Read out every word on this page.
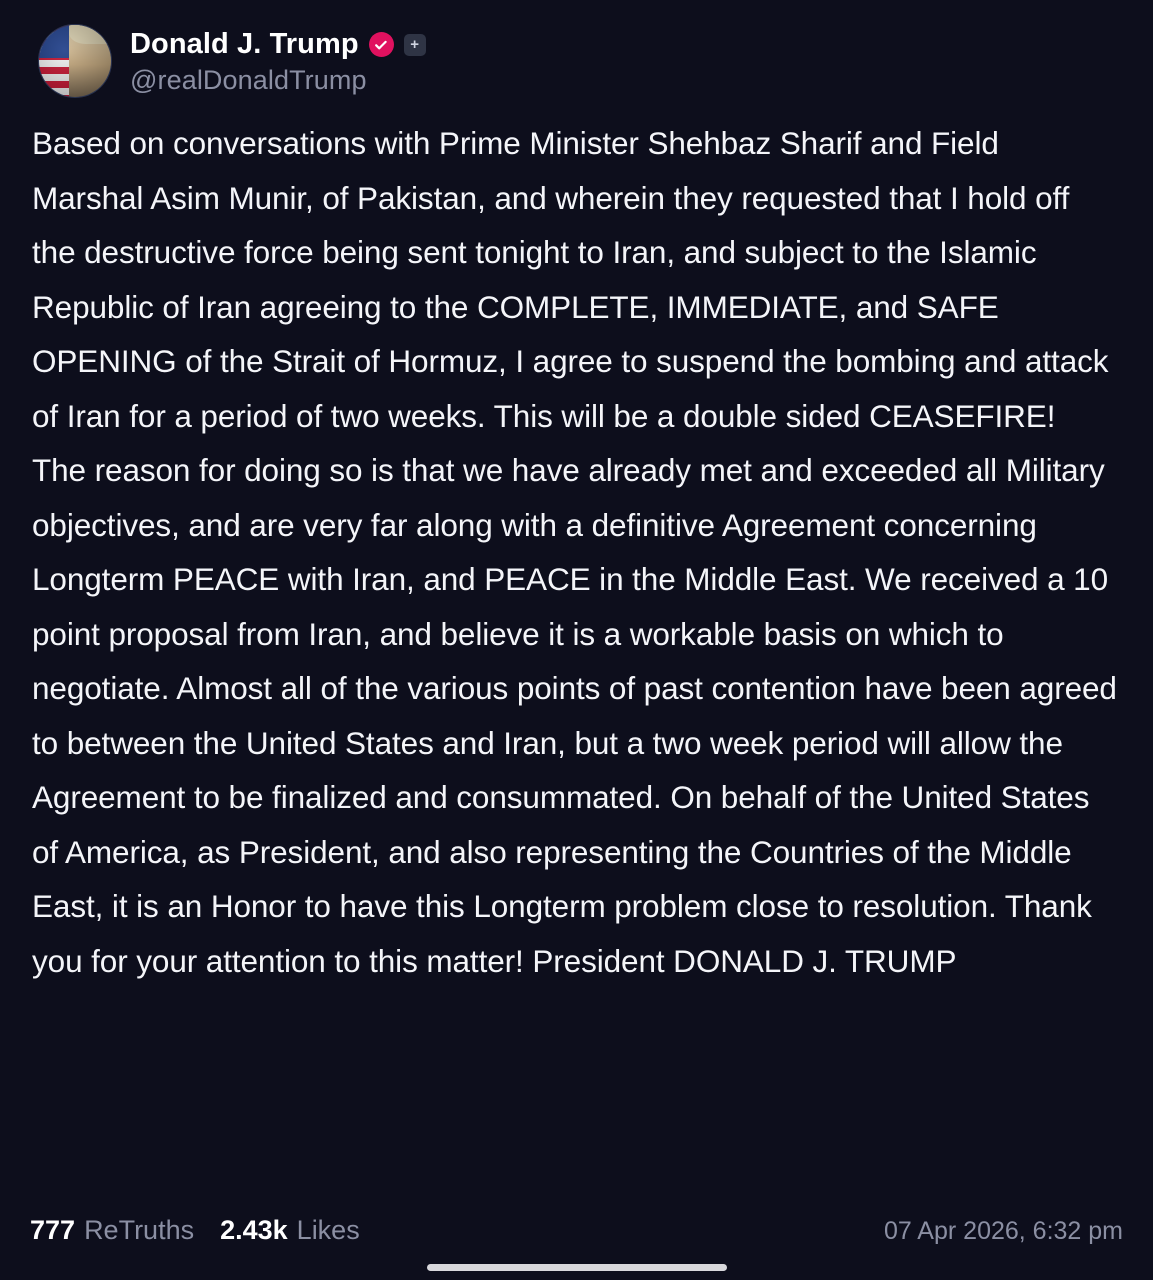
Donald J. Trump	+
@realDonaldTrump
Based on conversations with Prime Minister Shehbaz Sharif and Field Marshal Asim Munir, of Pakistan, and wherein they requested that I hold off the destructive force being sent tonight to Iran, and subject to the Islamic Republic of Iran agreeing to the COMPLETE, IMMEDIATE, and SAFE OPENING of the Strait of Hormuz, I agree to suspend the bombing and attack of Iran for a period of two weeks. This will be a double sided CEASEFIRE! The reason for doing so is that we have already met and exceeded all Military objectives, and are very far along with a definitive Agreement concerning Longterm PEACE with Iran, and PEACE in the Middle East. We received a 10 point proposal from Iran, and believe it is a workable basis on which to negotiate. Almost all of the various points of past contention have been agreed to between the United States and Iran, but a two week period will allow the Agreement to be finalized and consummated. On behalf of the United States of America, as President, and also representing the Countries of the Middle East, it is an Honor to have this Longterm problem close to resolution. Thank you for your attention to this matter! President DONALD J. TRUMP
777 ReTruths 2.43k Likes	07 Apr 2026, 6:32 pm
